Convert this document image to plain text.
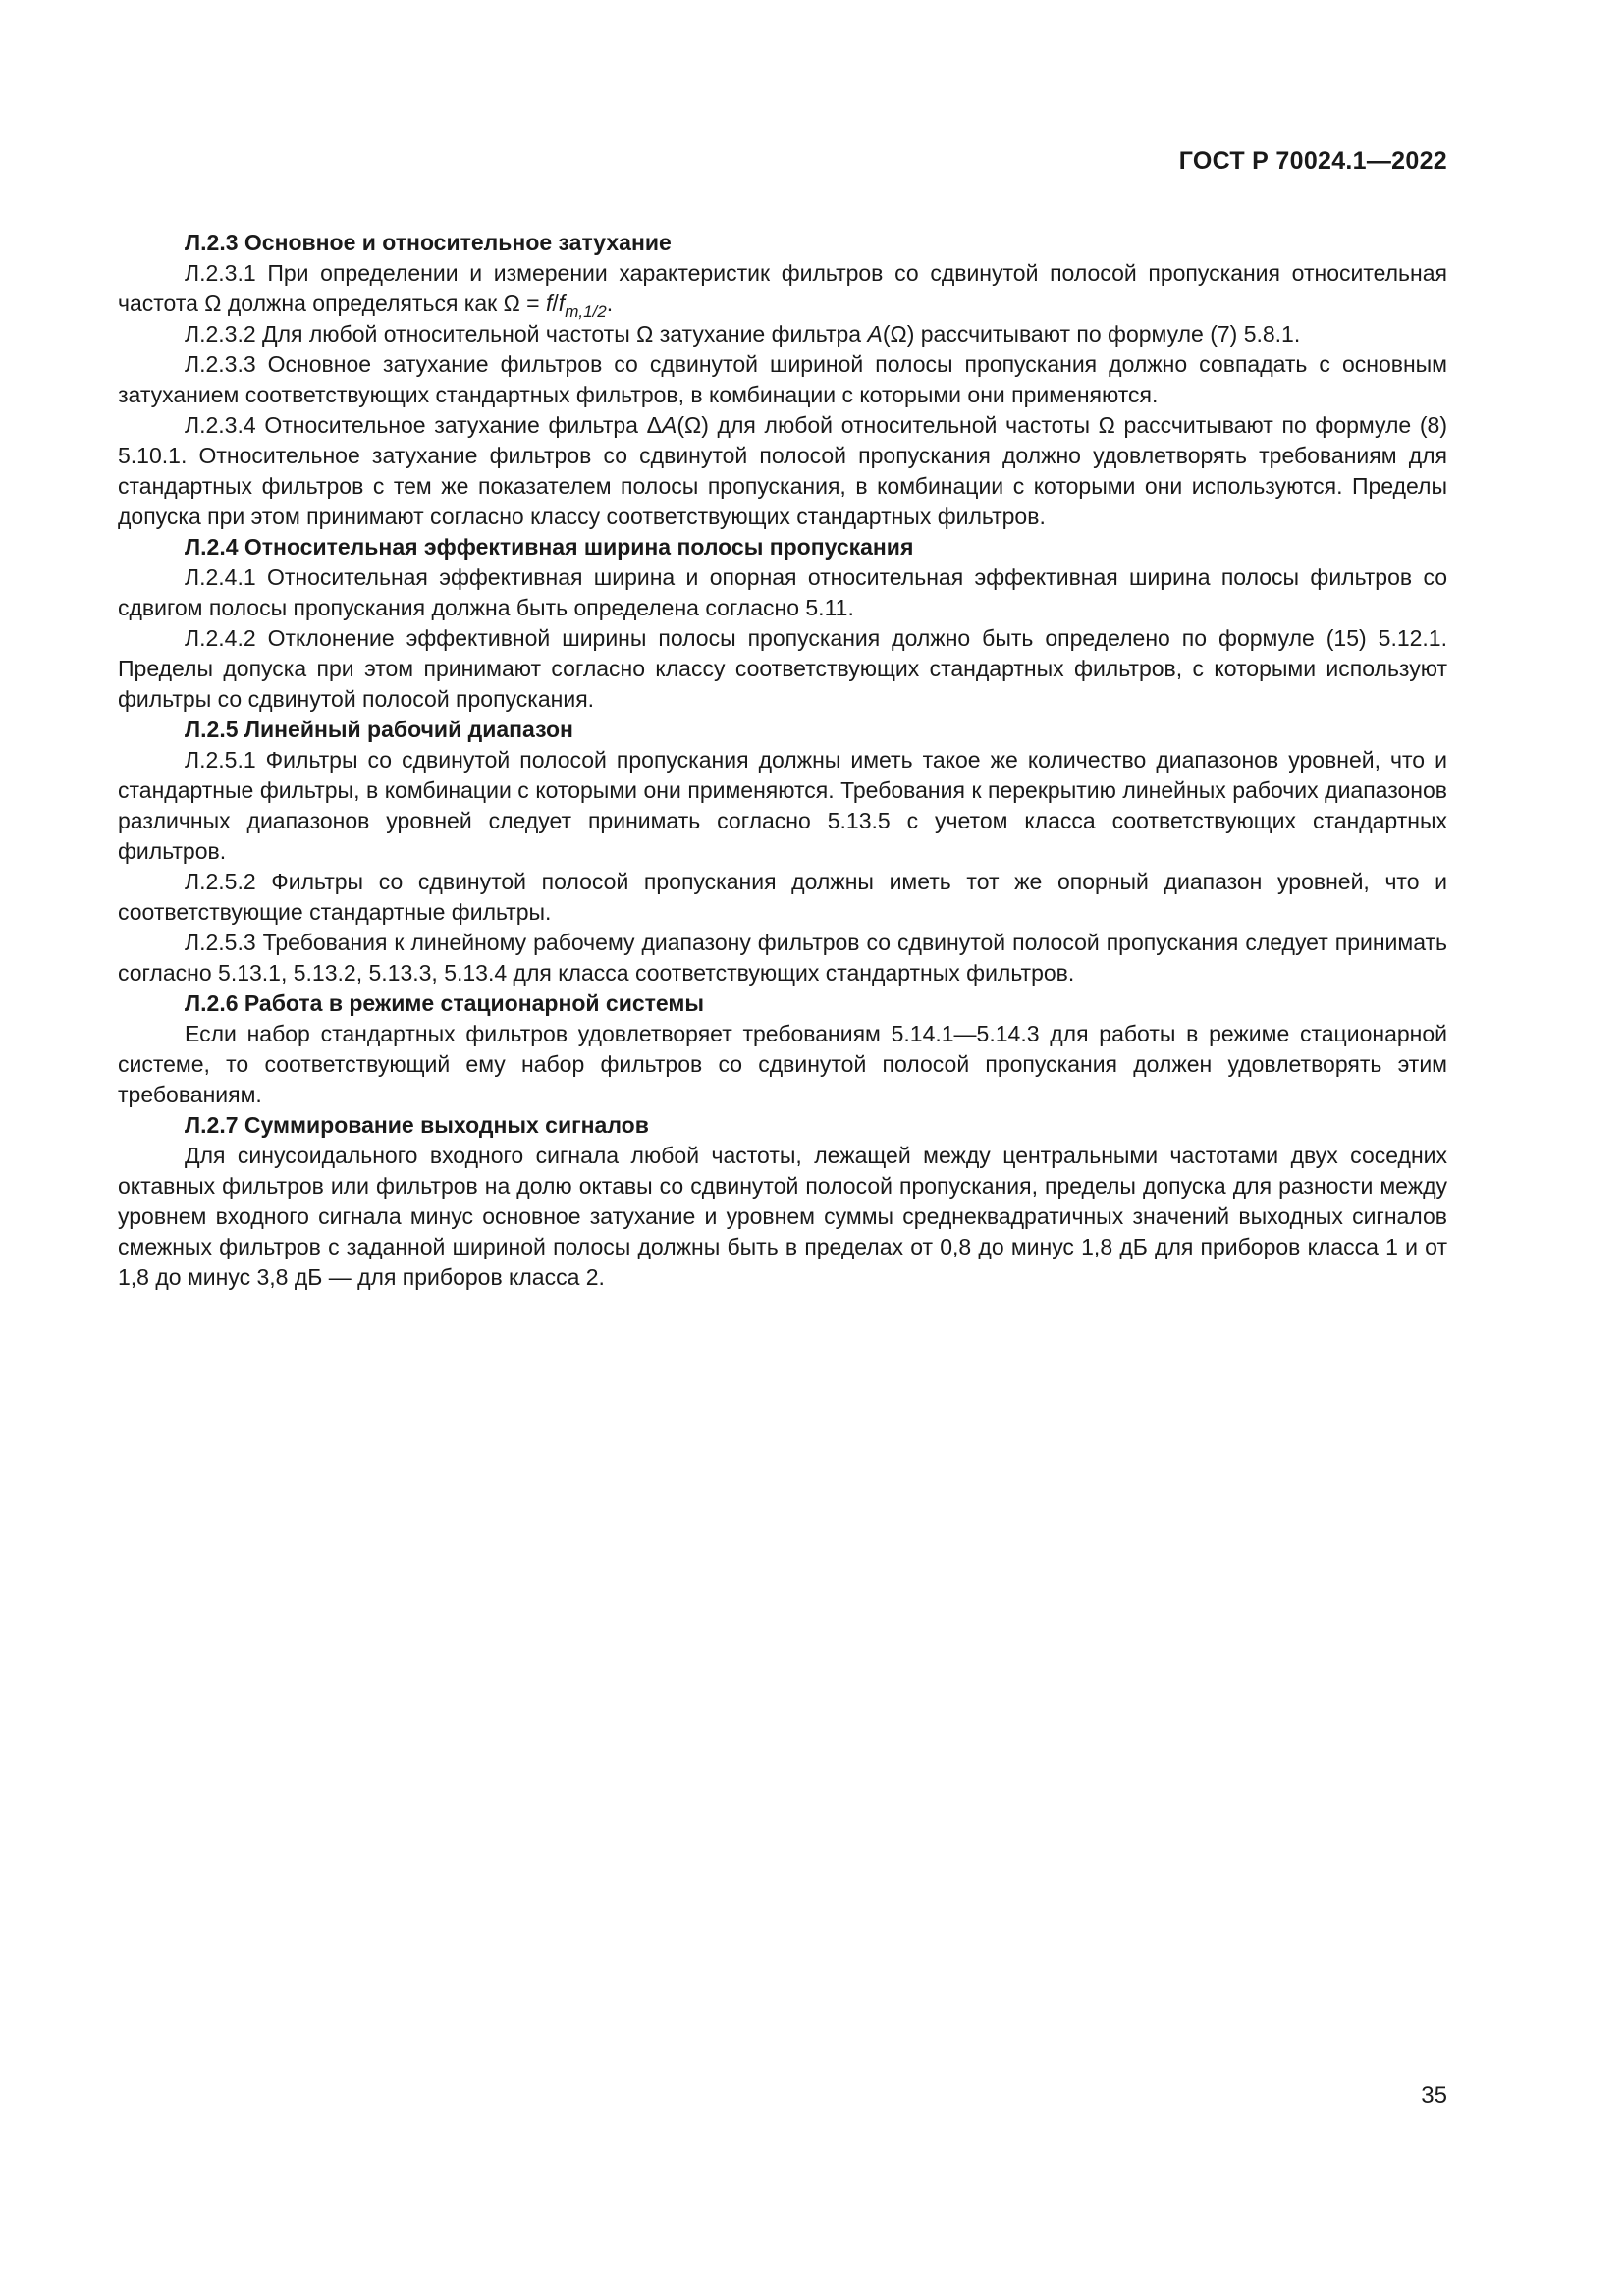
ГОСТ Р 70024.1—2022

Л.2.3 Основное и относительное затухание

Л.2.3.1 При определении и измерении характеристик фильтров со сдвинутой полосой пропускания относительная частота Ω должна определяться как $\Omega = f/f_{m,1/2}$.

Л.2.3.2 Для любой относительной частоты Ω затухание фильтра A(Ω) рассчитывают по формуле (7) 5.8.1.

Л.2.3.3 Основное затухание фильтров со сдвинутой шириной полосы пропускания должно совпадать с основным затуханием соответствующих стандартных фильтров, в комбинации с которыми они применяются.

Л.2.3.4 Относительное затухание фильтра ΔA(Ω) для любой относительной частоты Ω рассчитывают по формуле (8) 5.10.1. Относительное затухание фильтров со сдвинутой полосой пропускания должно удовлетворять требованиям для стандартных фильтров с тем же показателем полосы пропускания, в комбинации с которыми они используются. Пределы допуска при этом принимают согласно классу соответствующих стандартных фильтров.

Л.2.4 Относительная эффективная ширина полосы пропускания

Л.2.4.1 Относительная эффективная ширина и опорная относительная эффективная ширина полосы фильтров со сдвигом полосы пропускания должна быть определена согласно 5.11.

Л.2.4.2 Отклонение эффективной ширины полосы пропускания должно быть определено по формуле (15) 5.12.1. Пределы допуска при этом принимают согласно классу соответствующих стандартных фильтров, с которыми используют фильтры со сдвинутой полосой пропускания.

Л.2.5 Линейный рабочий диапазон

Л.2.5.1 Фильтры со сдвинутой полосой пропускания должны иметь такое же количество диапазонов уровней, что и стандартные фильтры, в комбинации с которыми они применяются. Требования к перекрытию линейных рабочих диапазонов различных диапазонов уровней следует принимать согласно 5.13.5 с учетом класса соответствующих стандартных фильтров.

Л.2.5.2 Фильтры со сдвинутой полосой пропускания должны иметь тот же опорный диапазон уровней, что и соответствующие стандартные фильтры.

Л.2.5.3 Требования к линейному рабочему диапазону фильтров со сдвинутой полосой пропускания следует принимать согласно 5.13.1, 5.13.2, 5.13.3, 5.13.4 для класса соответствующих стандартных фильтров.

Л.2.6 Работа в режиме стационарной системы

Если набор стандартных фильтров удовлетворяет требованиям 5.14.1—5.14.3 для работы в режиме стационарной системе, то соответствующий ему набор фильтров со сдвинутой полосой пропускания должен удовлетворять этим требованиям.

Л.2.7 Суммирование выходных сигналов

Для синусоидального входного сигнала любой частоты, лежащей между центральными частотами двух соседних октавных фильтров или фильтров на долю октавы со сдвинутой полосой пропускания, пределы допуска для разности между уровнем входного сигнала минус основное затухание и уровнем суммы среднеквадратичных значений выходных сигналов смежных фильтров с заданной шириной полосы должны быть в пределах от 0,8 до минус 1,8 дБ для приборов класса 1 и от 1,8 до минус 3,8 дБ — для приборов класса 2.

35
